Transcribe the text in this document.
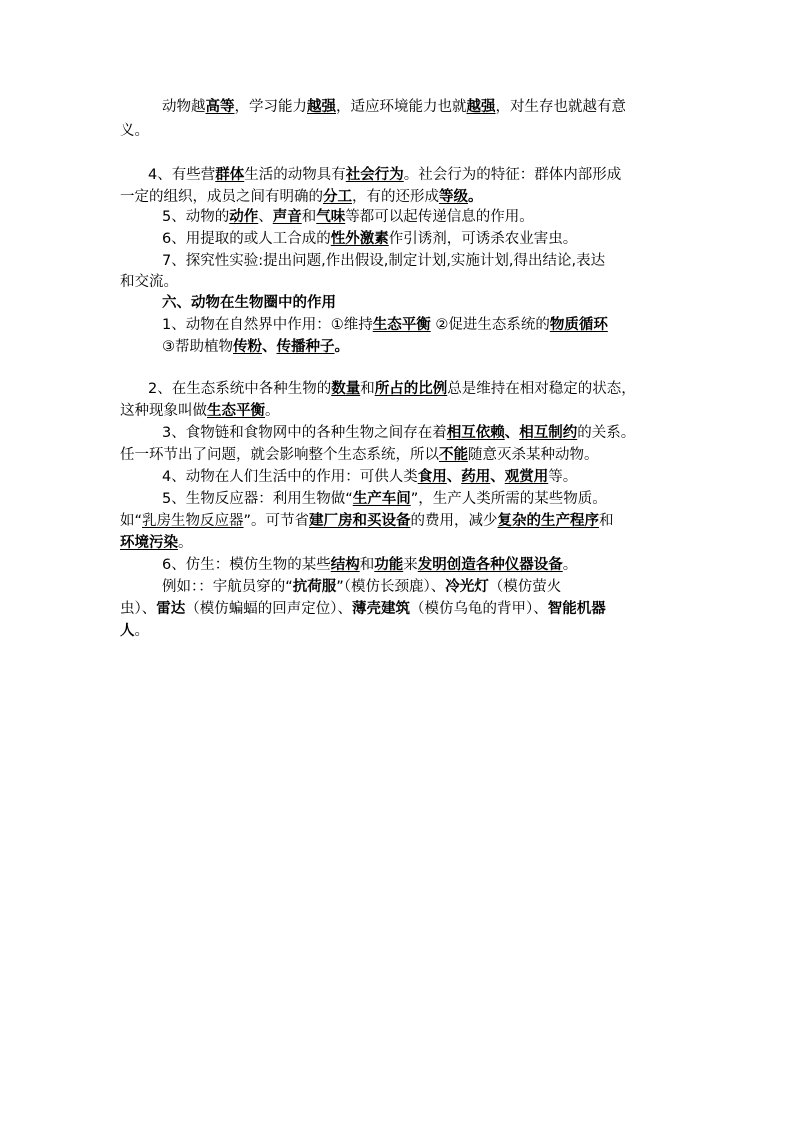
动物越高等，学习能力越强，适应环境能力也就越强，对生存也就越有意
义。
4、有些营群体生活的动物具有社会行为。社会行为的特征：群体内部形成
一定的组织，成员之间有明确的分工，有的还形成等级。
5、动物的动作、声音和气味等都可以起传递信息的作用。
6、用提取的或人工合成的性外激素作引诱剂，可诱杀农业害虫。
7、探究性实验:提出问题,作出假设,制定计划,实施计划,得出结论,表达
和交流。
六、动物在生物圈中的作用
1、动物在自然界中作用：①维持生态平衡 ②促进生态系统的物质循环
③帮助植物传粉、传播种子。
2、在生态系统中各种生物的数量和所占的比例总是维持在相对稳定的状态，
这种现象叫做生态平衡。
3、食物链和食物网中的各种生物之间存在着相互依赖、相互制约的关系。
任一环节出了问题，就会影响整个生态系统，所以不能随意灭杀某种动物。
4、动物在人们生活中的作用：可供人类食用、药用、观赏用等。
5、生物反应器：利用生物做“生产车间”，生产人类所需的某些物质。
如“乳房生物反应器”。可节省建厂房和买设备的费用，减少复杂的生产程序和
环境污染。
6、仿生：模仿生物的某些结构和功能来发明创造各种仪器设备。
例如：：宇航员穿的“抗荷服”（模仿长颈鹿）、冷光灯（模仿萤火
虫）、雷达（模仿蝙蝠的回声定位）、薄壳建筑（模仿乌龟的背甲）、智能机器
人。
